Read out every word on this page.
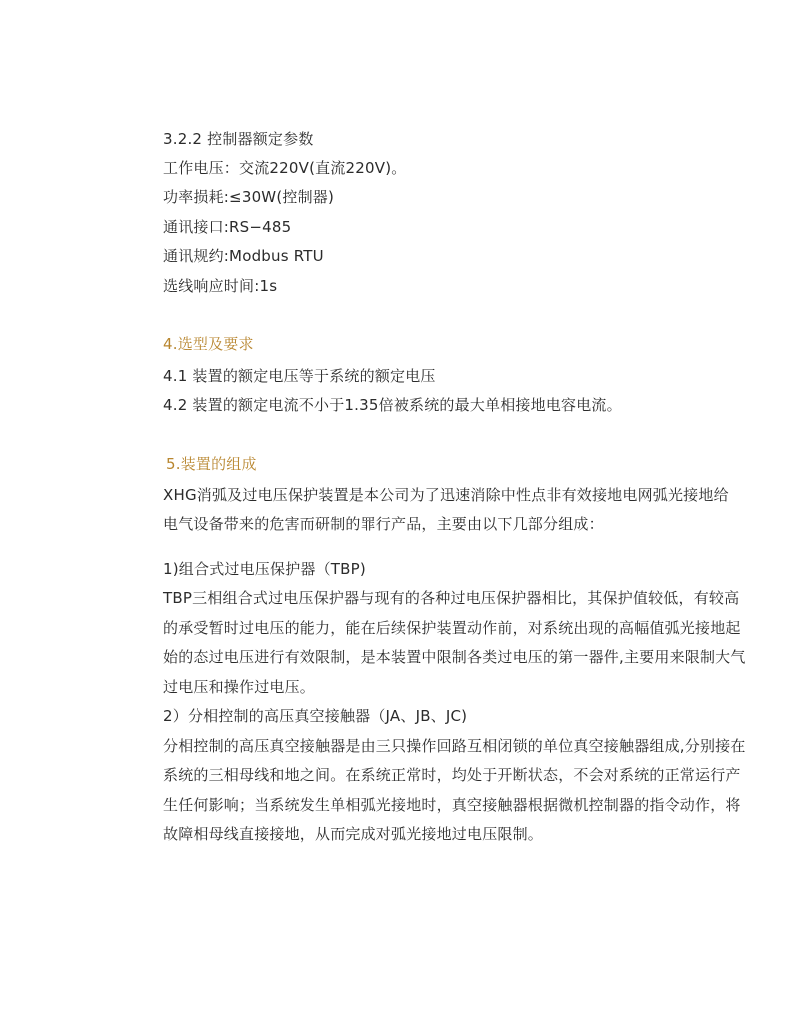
3.2.2 控制器额定参数
工作电压：交流220V(直流220V)。
功率损耗:≤30W(控制器)
通讯接口:RS−485
通讯规约:Modbus RTU
选线响应时间:1s
4.选型及要求
4.1 装置的额定电压等于系统的额定电压
4.2 装置的额定电流不小于1.35倍被系统的最大单相接地电容电流。
5.装置的组成
XHG消弧及过电压保护装置是本公司为了迅速消除中性点非有效接地电网弧光接地给
电气设备带来的危害而研制的罪行产品，主要由以下几部分组成：
1)组合式过电压保护器（TBP)
TBP三相组合式过电压保护器与现有的各种过电压保护器相比，其保护值较低，有较高
的承受暂时过电压的能力，能在后续保护装置动作前，对系统出现的高幅值弧光接地起
始的态过电压进行有效限制，是本装置中限制各类过电压的第一器件,主要用来限制大气
过电压和操作过电压。
2）分相控制的高压真空接触器（JA、JB、JC)
分相控制的高压真空接触器是由三只操作回路互相闭锁的单位真空接触器组成,分别接在
系统的三相母线和地之间。在系统正常时，均处于开断状态，不会对系统的正常运行产
生任何影响；当系统发生单相弧光接地时，真空接触器根据微机控制器的指令动作，将
故障相母线直接接地，从而完成对弧光接地过电压限制。
